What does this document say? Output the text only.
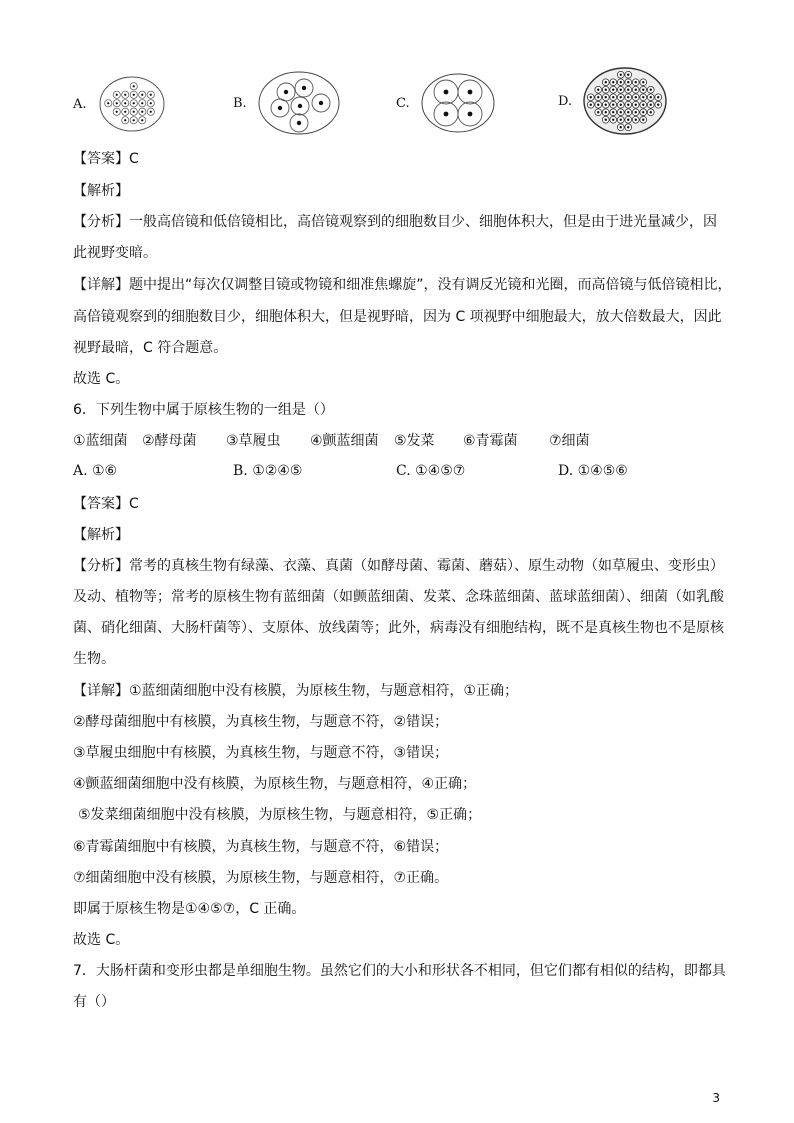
A.	B.	C.	D.
【答案】C
【解析】
【分析】一般高倍镜和低倍镜相比，高倍镜观察到的细胞数目少、细胞体积大，但是由于进光量减少，因
此视野变暗。
【详解】题中提出“每次仅调整目镜或物镜和细准焦螺旋”，没有调反光镜和光圈，而高倍镜与低倍镜相比，
高倍镜观察到的细胞数目少，细胞体积大，但是视野暗，因为 C 项视野中细胞最大，放大倍数最大，因此
视野最暗，C 符合题意。
故选 C。
6．下列生物中属于原核生物的一组是（）
①蓝细菌 ②酵母菌 ③草履虫 ④颤蓝细菌 ⑤发菜 ⑥青霉菌 ⑦细菌
A. ①⑥	B. ①②④⑤	C. ①④⑤⑦	D. ①④⑤⑥
【答案】C
【解析】
【分析】常考的真核生物有绿藻、衣藻、真菌（如酵母菌、霉菌、蘑菇）、原生动物（如草履虫、变形虫）
及动、植物等；常考的原核生物有蓝细菌（如颤蓝细菌、发菜、念珠蓝细菌、蓝球蓝细菌）、细菌（如乳酸
菌、硝化细菌、大肠杆菌等）、支原体、放线菌等；此外，病毒没有细胞结构，既不是真核生物也不是原核
生物。
【详解】①蓝细菌细胞中没有核膜，为原核生物，与题意相符，①正确；
②酵母菌细胞中有核膜，为真核生物，与题意不符，②错误；
③草履虫细胞中有核膜，为真核生物，与题意不符，③错误；
④颤蓝细菌细胞中没有核膜，为原核生物，与题意相符，④正确；
⑤发菜细菌细胞中没有核膜，为原核生物，与题意相符，⑤正确；
⑥青霉菌细胞中有核膜，为真核生物，与题意不符，⑥错误；
⑦细菌细胞中没有核膜，为原核生物，与题意相符，⑦正确。
即属于原核生物是①④⑤⑦，C 正确。
故选 C。
7．大肠杆菌和变形虫都是单细胞生物。虽然它们的大小和形状各不相同，但它们都有相似的结构，即都具
有（）
3
